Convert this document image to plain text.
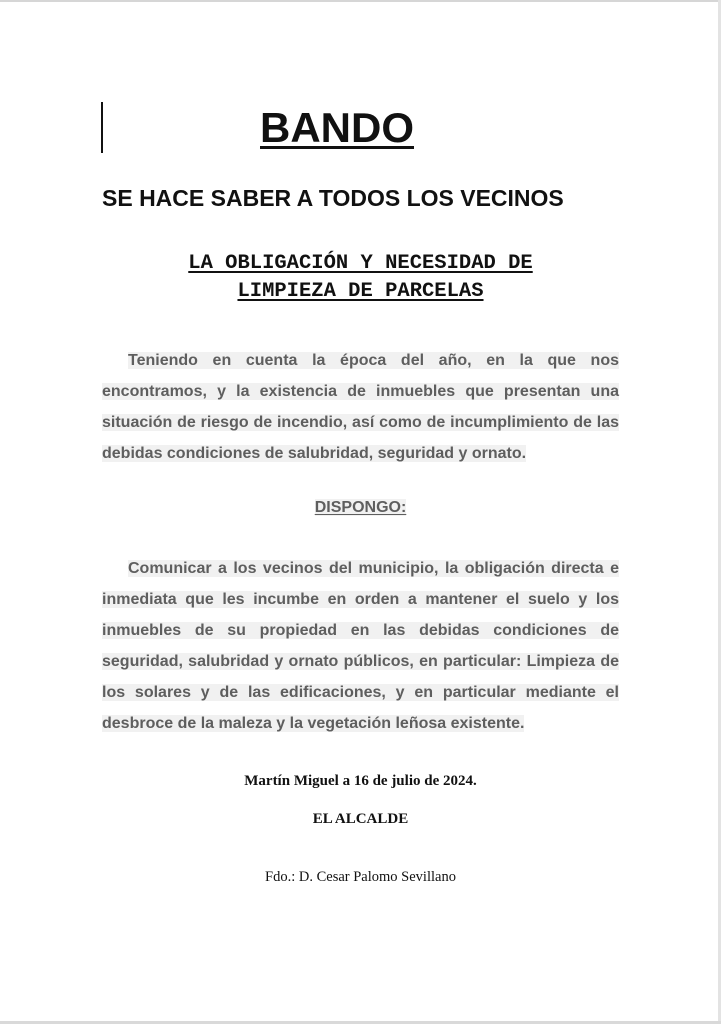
BANDO

SE HACE SABER A TODOS LOS VECINOS

LA OBLIGACIÓN Y NECESIDAD DE
LIMPIEZA DE PARCELAS

Teniendo en cuenta la época del año, en la que nos encontramos, y la existencia de inmuebles que presentan una situación de riesgo de incendio, así como de incumplimiento de las debidas condiciones de salubridad, seguridad y ornato.

DISPONGO:

Comunicar a los vecinos del municipio, la obligación directa e inmediata que les incumbe en orden a mantener el suelo y los inmuebles de su propiedad en las debidas condiciones de seguridad, salubridad y ornato públicos, en particular: Limpieza de los solares y de las edificaciones, y en particular mediante el desbroce de la maleza y la vegetación leñosa existente.

Martín Miguel a 16 de julio de 2024.

EL ALCALDE

Fdo.: D. Cesar Palomo Sevillano
